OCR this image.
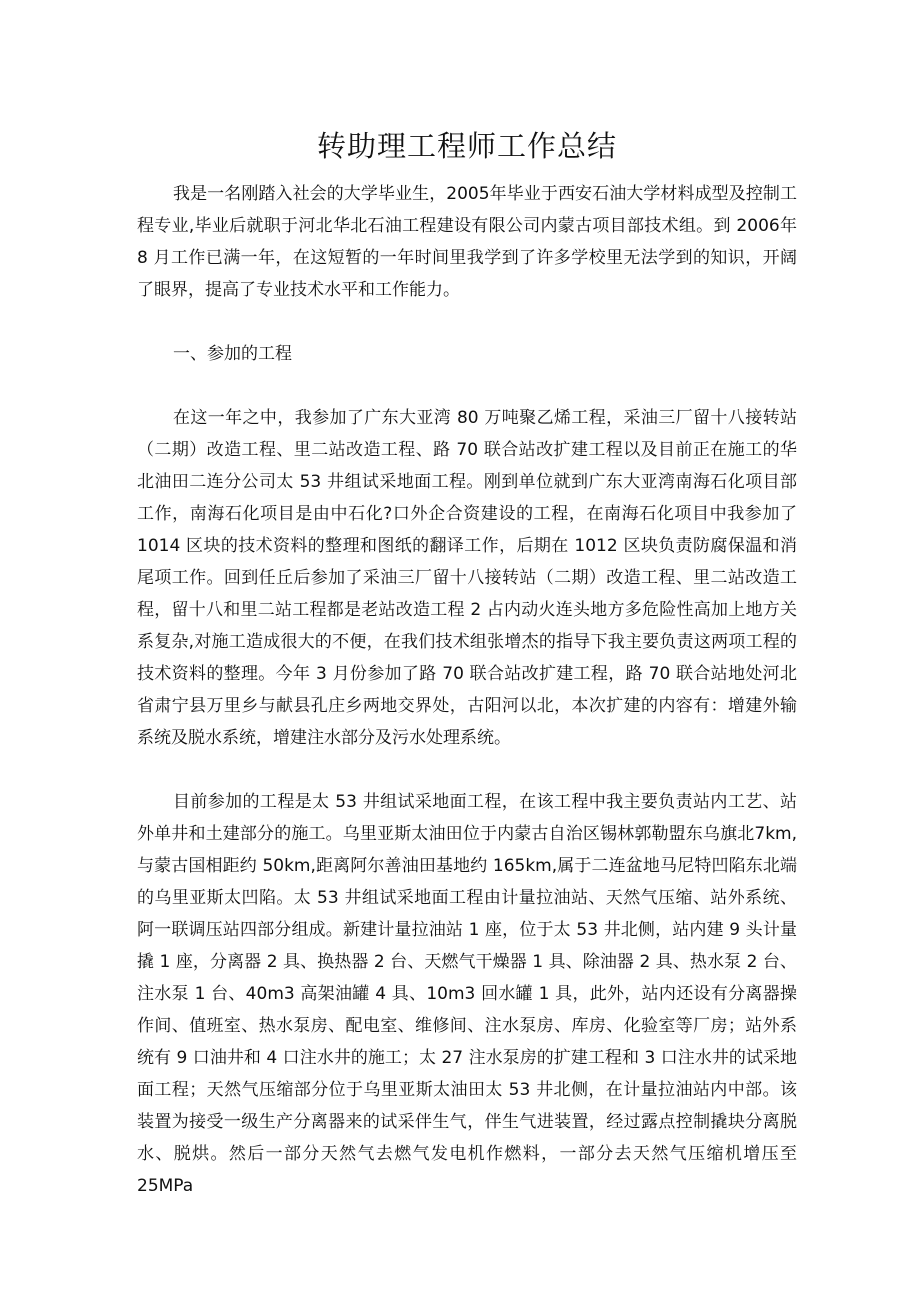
转助理工程师工作总结

我是一名刚踏入社会的大学毕业生，2005年毕业于西安石油大学材料成型及控制工程专业,毕业后就职于河北华北石油工程建设有限公司内蒙古项目部技术组。到 2006年 8 月工作已满一年，在这短暂的一年时间里我学到了许多学校里无法学到的知识，开阔了眼界，提高了专业技术水平和工作能力。

一、参加的工程

在这一年之中，我参加了广东大亚湾 80 万吨聚乙烯工程，采油三厂留十八接转站（二期）改造工程、里二站改造工程、路 70 联合站改扩建工程以及目前正在施工的华北油田二连分公司太 53 井组试采地面工程。刚到单位就到广东大亚湾南海石化项目部工作，南海石化项目是由中石化?口外企合资建设的工程，在南海石化项目中我参加了1014 区块的技术资料的整理和图纸的翻译工作，后期在 1012 区块负责防腐保温和消尾项工作。回到任丘后参加了采油三厂留十八接转站（二期）改造工程、里二站改造工程，留十八和里二站工程都是老站改造工程 2 占内动火连头地方多危险性高加上地方关系复杂,对施工造成很大的不便，在我们技术组张增杰的指导下我主要负责这两项工程的技术资料的整理。今年 3 月份参加了路 70 联合站改扩建工程，路 70 联合站地处河北省肃宁县万里乡与献县孔庄乡两地交界处，古阳河以北，本次扩建的内容有：增建外输系统及脱水系统，增建注水部分及污水处理系统。

目前参加的工程是太 53 井组试采地面工程，在该工程中我主要负责站内工艺、站外单井和土建部分的施工。乌里亚斯太油田位于内蒙古自治区锡林郭勒盟东乌旗北7km,与蒙古国相距约 50km,距离阿尔善油田基地约 165km,属于二连盆地马尼特凹陷东北端的乌里亚斯太凹陷。太 53 井组试采地面工程由计量拉油站、天然气压缩、站外系统、阿一联调压站四部分组成。新建计量拉油站 1 座，位于太 53 井北侧，站内建 9 头计量撬 1 座，分离器 2 具、换热器 2 台、天燃气干燥器 1 具、除油器 2 具、热水泵 2 台、注水泵 1 台、40m3 高架油罐 4 具、10m3 回水罐 1 具，此外，站内还设有分离器操作间、值班室、热水泵房、配电室、维修间、注水泵房、库房、化验室等厂房；站外系统有 9 口油井和 4 口注水井的施工；太 27 注水泵房的扩建工程和 3 口注水井的试采地面工程；天然气压缩部分位于乌里亚斯太油田太 53 井北侧，在计量拉油站内中部。该装置为接受一级生产分离器来的试采伴生气，伴生气进装置，经过露点控制撬块分离脱水、脱烘。然后一部分天然气去燃气发电机作燃料，一部分去天然气压缩机增压至 25MPa
